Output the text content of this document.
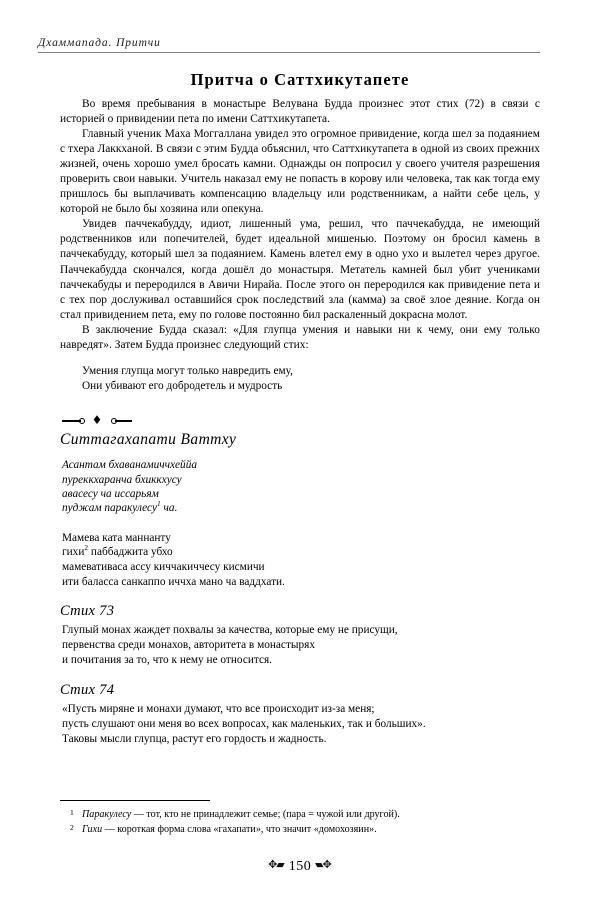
Дхаммапада. Притчи
Притча о Саттхикутапете

Во время пребывания в монастыре Велувана Будда произнес этот стих (72) в связи с историей о привидении пета по имени Саттхикутапета.

Главный ученик Маха Моггаллана увидел это огромное привидение, когда шел за подаянием с тхера Лаккханой. В связи с этим Будда объяснил, что Саттхикутапета в одной из своих прежних жизней, очень хорошо умел бросать камни. Однажды он попросил у своего учителя разрешения проверить свои навыки. Учитель наказал ему не попасть в корову или человека, так как тогда ему пришлось бы выплачивать компенсацию владельцу или родственникам, а найти себе цель, у которой не было бы хозяина или опекуна.

Увидев паччекабудду, идиот, лишенный ума, решил, что паччекабудда, не имеющий родственников или попечителей, будет идеальной мишенью. Поэтому он бросил камень в паччекабудду, который шел за подаянием. Камень влетел ему в одно ухо и вылетел через другое. Паччекабудда скончался, когда дошёл до монастыря. Метатель камней был убит учениками паччекабуды и переродился в Авичи Нирайа. После этого он переродился как привидение пета и с тех пор дослуживал оставшийся срок последствий зла (камма) за своё злое деяние. Когда он стал привидением пета, ему по голове постоянно бил раскаленный докрасна молот.

В заключение Будда сказал: «Для глупца умения и навыки ни к чему, они ему только навредят». Затем Будда произнес следующий стих:

Умения глупца могут только навредить ему,
Они убивают его добродетель и мудрость
♦
Ситтагахапати Ваттху
Асантам бхаванамиччхеййа
пуреккхаранча бхиккхусу
авасесу ча иссарьям
пуджам паракулесу$^1$ ча.
Мамева ката маннанту
гихи$^2$ паббаджита убхо
мамевативаса ассу киччакиччесу кисмичи
ити баласса санкаппо иччха мано ча ваддхати.
Стих 73
Глупый монах жаждет похвалы за качества, которые ему не присущи,
первенства среди монахов, авторитета в монастырях
и почитания за то, что к нему не относится.
Стих 74
«Пусть миряне и монахи думают, что все происходит из-за меня;
пусть слушают они меня во всех вопросах, как маленьких, так и больших».
Таковы мысли глупца, растут его гордость и жадность.
1 Паракулесу — тот, кто не принадлежит семье; (пара = чужой или другой).
2 Гихи — короткая форма слова «гахапати», что значит «домохозяин».
✥▰ 150 ✥▰
